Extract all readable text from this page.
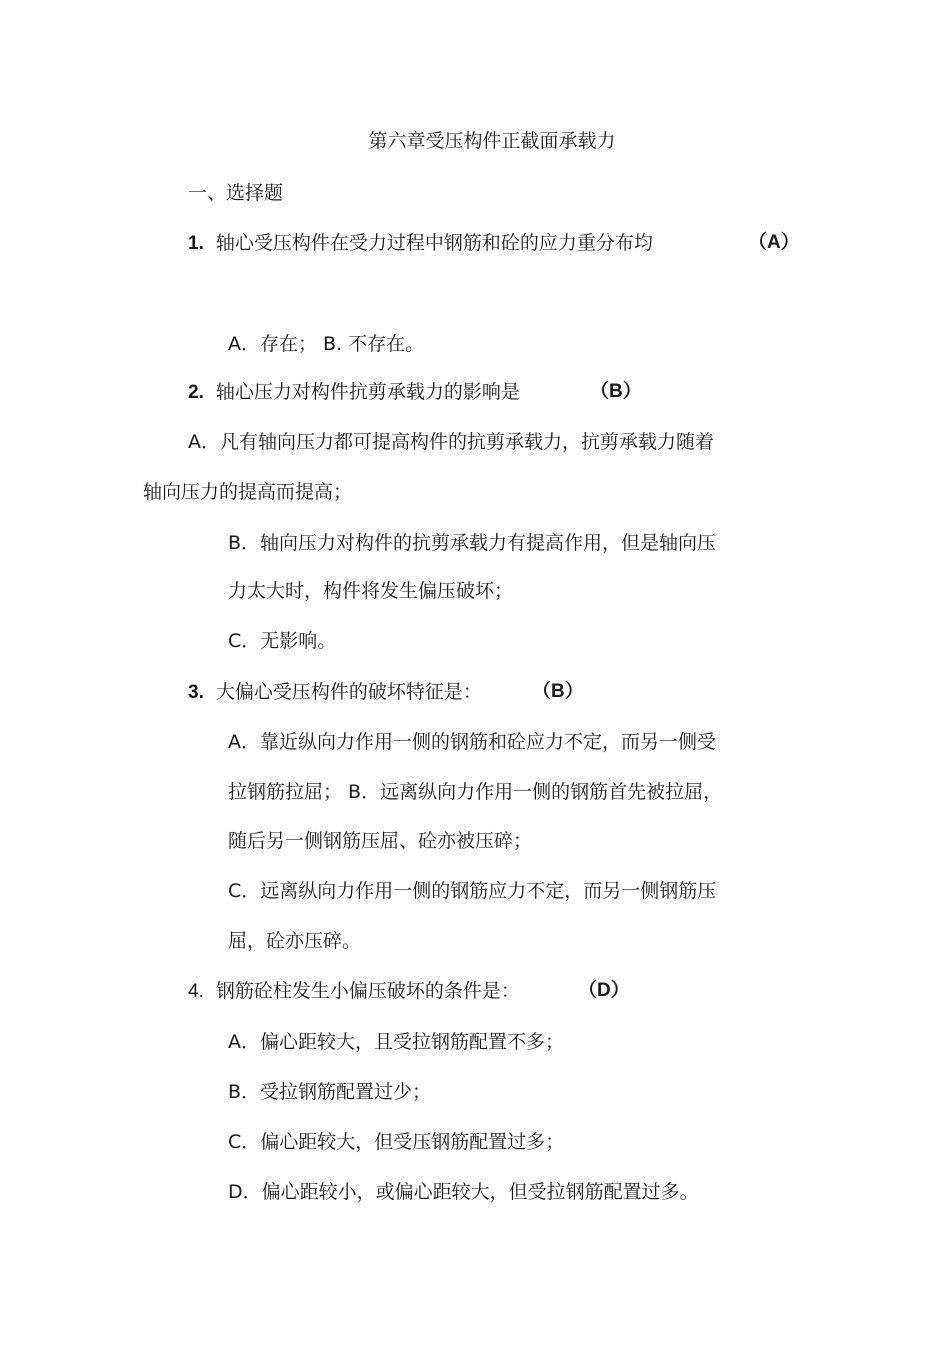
第六章受压构件正截面承载力
一、选择题
1. 轴心受压构件在受力过程中钢筋和砼的应力重分布均	（A）
A．存在； B. 不存在。
2. 轴心压力对构件抗剪承载力的影响是	（B）
A．凡有轴向压力都可提高构件的抗剪承载力，抗剪承载力随着
轴向压力的提高而提高；
B．轴向压力对构件的抗剪承载力有提高作用，但是轴向压
力太大时，构件将发生偏压破坏；
C．无影响。
3. 大偏心受压构件的破坏特征是：	（B）
A．靠近纵向力作用一侧的钢筋和砼应力不定，而另一侧受
拉钢筋拉屈； B．远离纵向力作用一侧的钢筋首先被拉屈，
随后另一侧钢筋压屈、砼亦被压碎；
C．远离纵向力作用一侧的钢筋应力不定，而另一侧钢筋压
屈，砼亦压碎。
4. 钢筋砼柱发生小偏压破坏的条件是：	（D）
A．偏心距较大，且受拉钢筋配置不多；
B．受拉钢筋配置过少；
C．偏心距较大，但受压钢筋配置过多；
D．偏心距较小，或偏心距较大，但受拉钢筋配置过多。
